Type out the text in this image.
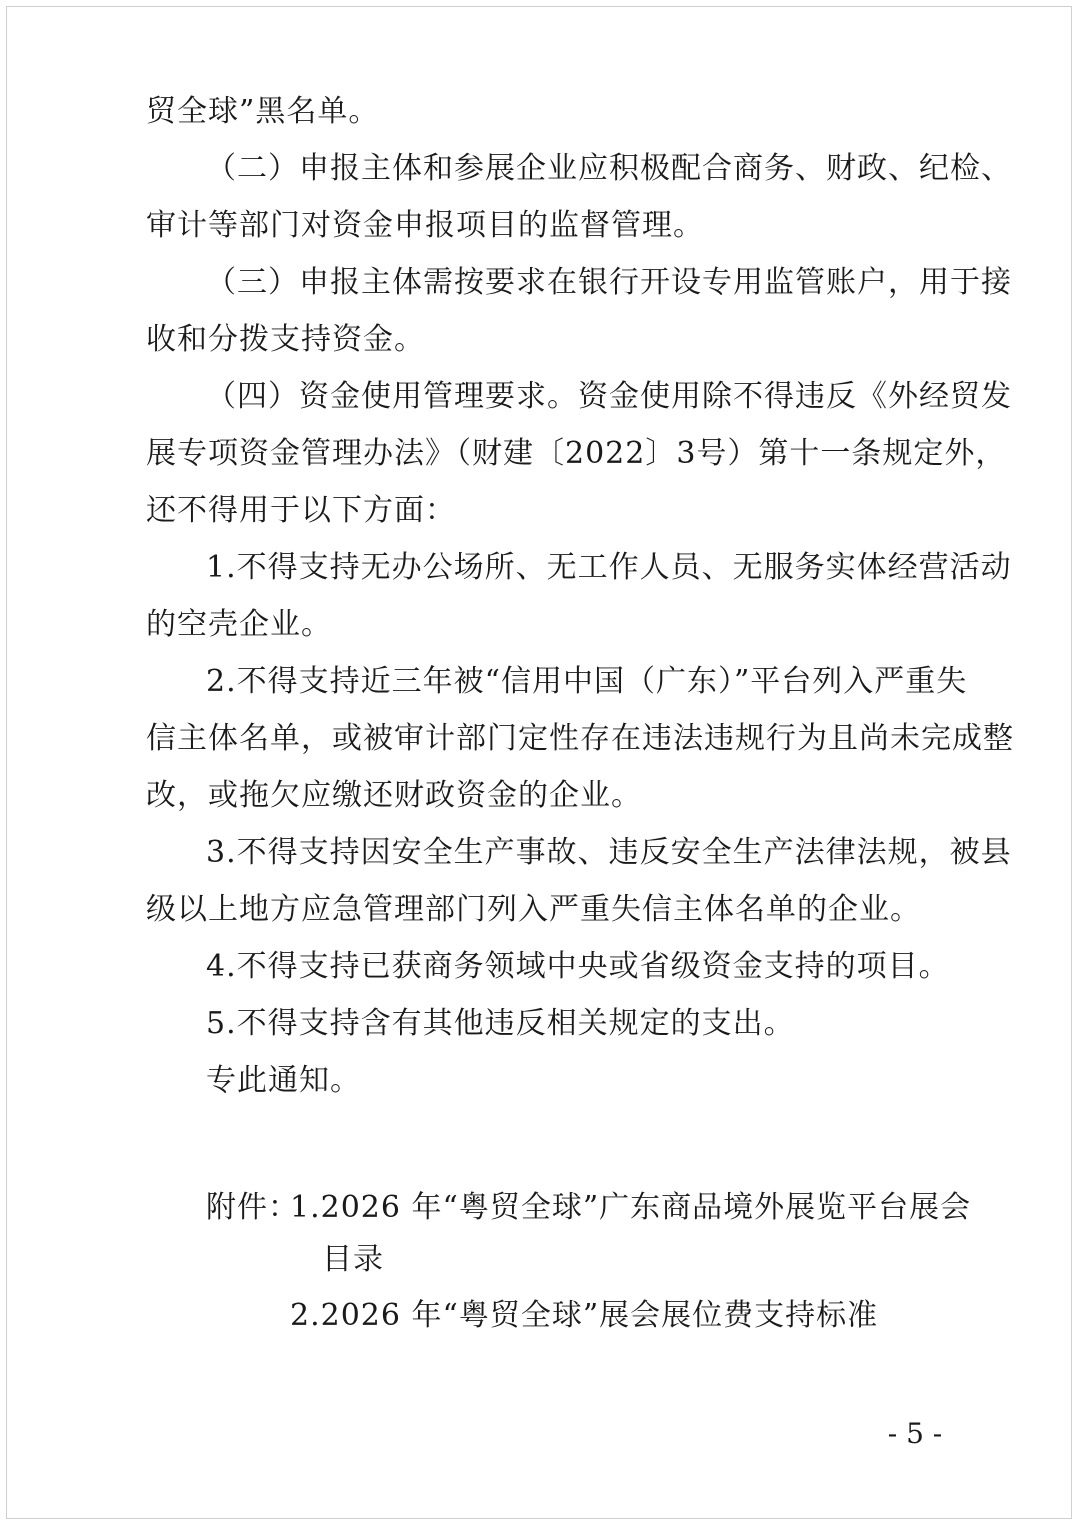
贸全球”黑名单。
（二）申报主体和参展企业应积极配合商务、财政、纪检、
审计等部门对资金申报项目的监督管理。
（三）申报主体需按要求在银行开设专用监管账户，用于接
收和分拨支持资金。
（四）资金使用管理要求。资金使用除不得违反《外经贸发
展专项资金管理办法》（财建〔2022〕3号）第十一条规定外，
还不得用于以下方面：
1.不得支持无办公场所、无工作人员、无服务实体经营活动
的空壳企业。
2.不得支持近三年被“信用中国（广东）”平台列入严重失
信主体名单，或被审计部门定性存在违法违规行为且尚未完成整
改，或拖欠应缴还财政资金的企业。
3.不得支持因安全生产事故、违反安全生产法律法规，被县
级以上地方应急管理部门列入严重失信主体名单的企业。
4.不得支持已获商务领域中央或省级资金支持的项目。
5.不得支持含有其他违反相关规定的支出。
专此通知。
附件：
1.2026 年“粤贸全球”广东商品境外展览平台展会
目录
2.2026 年“粤贸全球”展会展位费支持标准
- 5 -
